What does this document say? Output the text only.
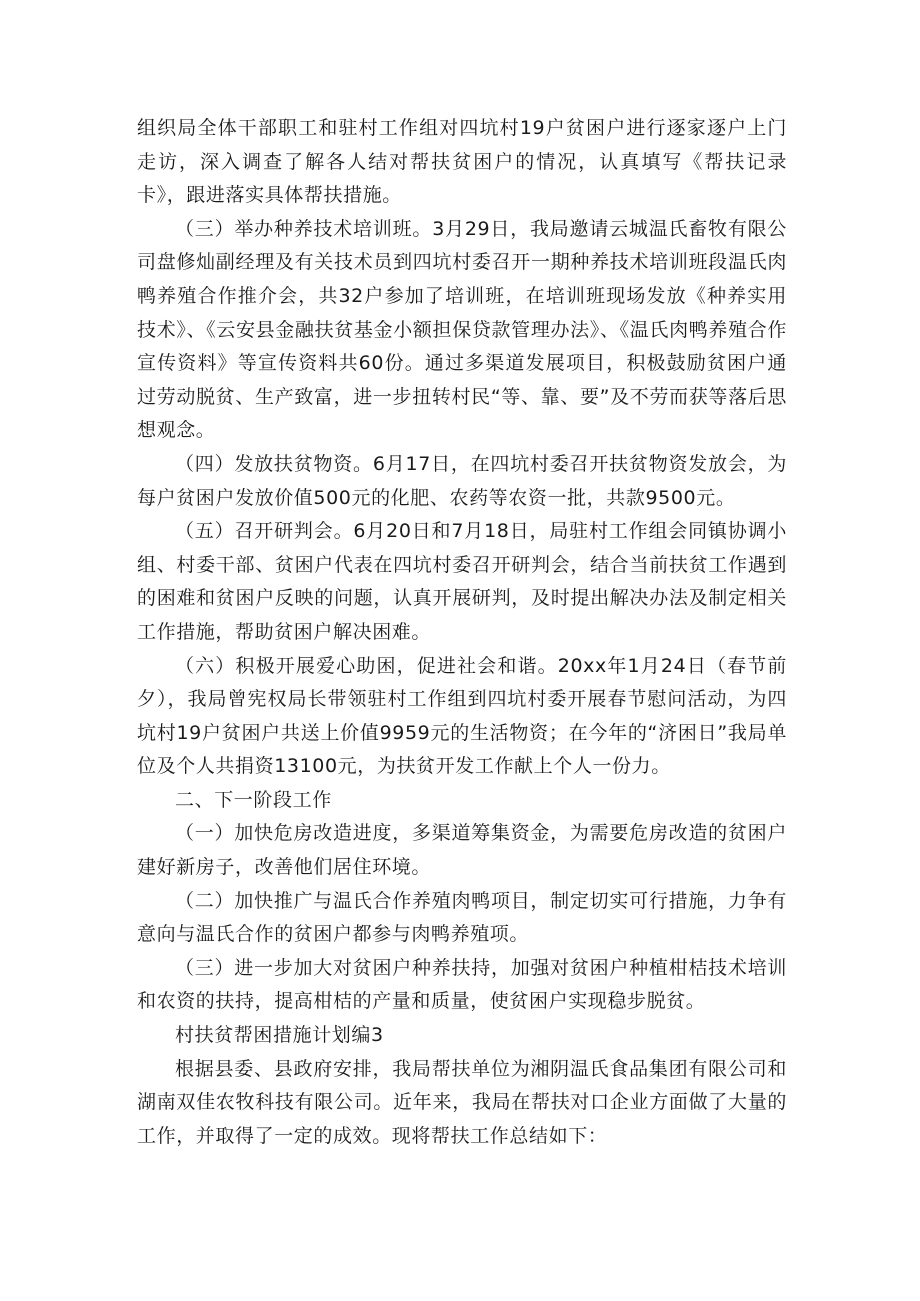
组织局全体干部职工和驻村工作组对四坑村19户贫困户进行逐家逐户上门走访，深入调查了解各人结对帮扶贫困户的情况，认真填写《帮扶记录卡》，跟进落实具体帮扶措施。

（三）举办种养技术培训班。3月29日，我局邀请云城温氏畜牧有限公司盘修灿副经理及有关技术员到四坑村委召开一期种养技术培训班段温氏肉鸭养殖合作推介会，共32户参加了培训班，在培训班现场发放《种养实用技术》、《云安县金融扶贫基金小额担保贷款管理办法》、《温氏肉鸭养殖合作宣传资料》等宣传资料共60份。通过多渠道发展项目，积极鼓励贫困户通过劳动脱贫、生产致富，进一步扭转村民“等、靠、要”及不劳而获等落后思想观念。

（四）发放扶贫物资。6月17日，在四坑村委召开扶贫物资发放会，为每户贫困户发放价值500元的化肥、农药等农资一批，共款9500元。

（五）召开研判会。6月20日和7月18日，局驻村工作组会同镇协调小组、村委干部、贫困户代表在四坑村委召开研判会，结合当前扶贫工作遇到的困难和贫困户反映的问题，认真开展研判，及时提出解决办法及制定相关工作措施，帮助贫困户解决困难。

（六）积极开展爱心助困，促进社会和谐。20xx年1月24日（春节前夕），我局曾宪权局长带领驻村工作组到四坑村委开展春节慰问活动，为四坑村19户贫困户共送上价值9959元的生活物资；在今年的“济困日”我局单位及个人共捐资13100元，为扶贫开发工作献上个人一份力。

二、下一阶段工作

（一）加快危房改造进度，多渠道筹集资金，为需要危房改造的贫困户建好新房子，改善他们居住环境。

（二）加快推广与温氏合作养殖肉鸭项目，制定切实可行措施，力争有意向与温氏合作的贫困户都参与肉鸭养殖项。

（三）进一步加大对贫困户种养扶持，加强对贫困户种植柑桔技术培训和农资的扶持，提高柑桔的产量和质量，使贫困户实现稳步脱贫。

村扶贫帮困措施计划编3

根据县委、县政府安排，我局帮扶单位为湘阴温氏食品集团有限公司和湖南双佳农牧科技有限公司。近年来，我局在帮扶对口企业方面做了大量的工作，并取得了一定的成效。现将帮扶工作总结如下：
